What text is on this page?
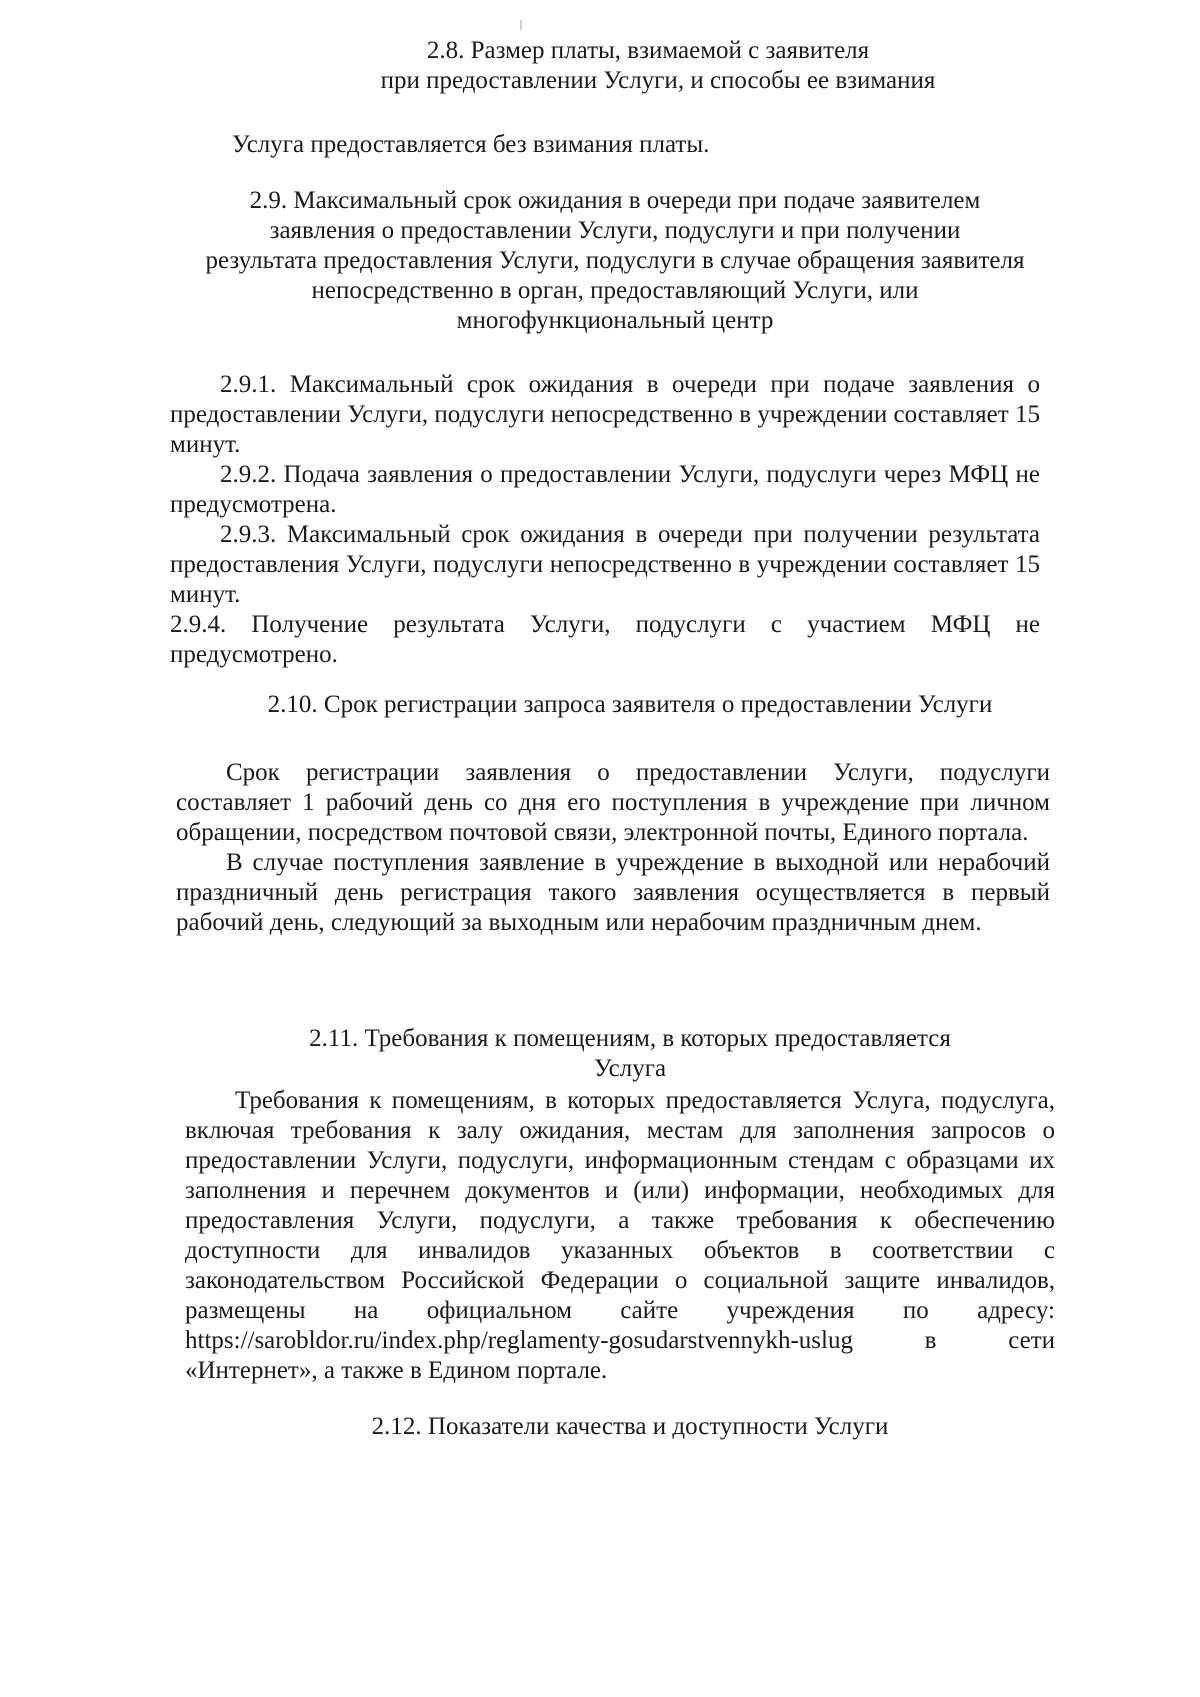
2.8. Размер платы, взимаемой с заявителя
при предоставлении Услуги, и способы ее взимания

Услуга предоставляется без взимания платы.

2.9. Максимальный срок ожидания в очереди при подаче заявителем
заявления о предоставлении Услуги, подуслуги и при получении
результата предоставления Услуги, подуслуги в случае обращения заявителя
непосредственно в орган, предоставляющий Услуги, или
многофункциональный центр

2.9.1. Максимальный срок ожидания в очереди при подаче заявления о предоставлении Услуги, подуслуги непосредственно в учреждении составляет 15 минут.

2.9.2. Подача заявления о предоставлении Услуги, подуслуги через МФЦ не предусмотрена.

2.9.3. Максимальный срок ожидания в очереди при получении результата предоставления Услуги, подуслуги непосредственно в учреждении составляет 15 минут.

2.9.4. Получение результата Услуги, подуслуги с участием МФЦ не предусмотрено.

2.10. Срок регистрации запроса заявителя о предоставлении Услуги

Срок регистрации заявления о предоставлении Услуги, подуслуги составляет 1 рабочий день со дня его поступления в учреждение при личном обращении, посредством почтовой связи, электронной почты, Единого портала.

В случае поступления заявление в учреждение в выходной или нерабочий праздничный день регистрация такого заявления осуществляется в первый рабочий день, следующий за выходным или нерабочим праздничным днем.

2.11. Требования к помещениям, в которых предоставляется
Услуга

Требования к помещениям, в которых предоставляется Услуга, подуслуга, включая требования к залу ожидания, местам для заполнения запросов о предоставлении Услуги, подуслуги, информационным стендам с образцами их заполнения и перечнем документов и (или) информации, необходимых для предоставления Услуги, подуслуги, а также требования к обеспечению доступности для инвалидов указанных объектов в соответствии с законодательством Российской Федерации о социальной защите инвалидов, размещены на официальном сайте учреждения по адресу: https://sarobldor.ru/index.php/reglamenty-gosudarstvennykh-uslug в сети «Интернет», а также в Едином портале.

2.12. Показатели качества и доступности Услуги
